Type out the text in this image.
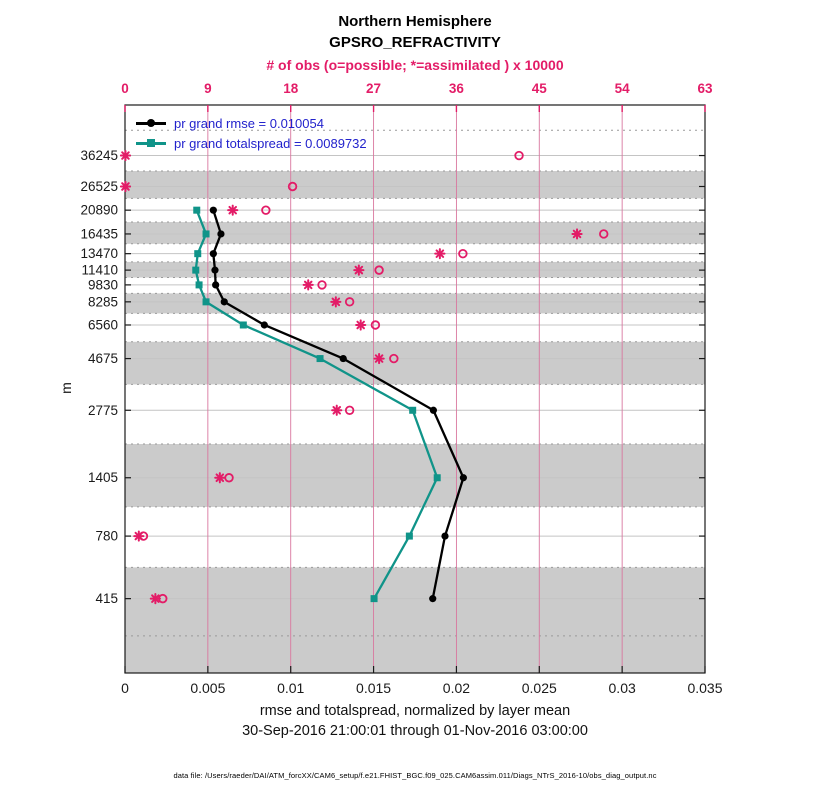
0	9	18	27	36	45	54	63
0	0.005	0.01	0.015	0.02	0.025	0.03	0.035
36245
26525
20890
16435
13470
11410
9830
8285
6560
4675
2775
1405
780
415
Northern Hemisphere
GPSRO_REFRACTIVITY
# of obs (o=possible; *=assimilated ) x 10000
pr grand rmse = 0.010054
pr grand totalspread = 0.0089732
m
rmse and totalspread, normalized by layer mean
30-Sep-2016 21:00:01 through 01-Nov-2016 03:00:00
data file: /Users/raeder/DAI/ATM_forcXX/CAM6_setup/f.e21.FHIST_BGC.f09_025.CAM6assim.011/Diags_NTrS_2016-10/obs_diag_output.nc
